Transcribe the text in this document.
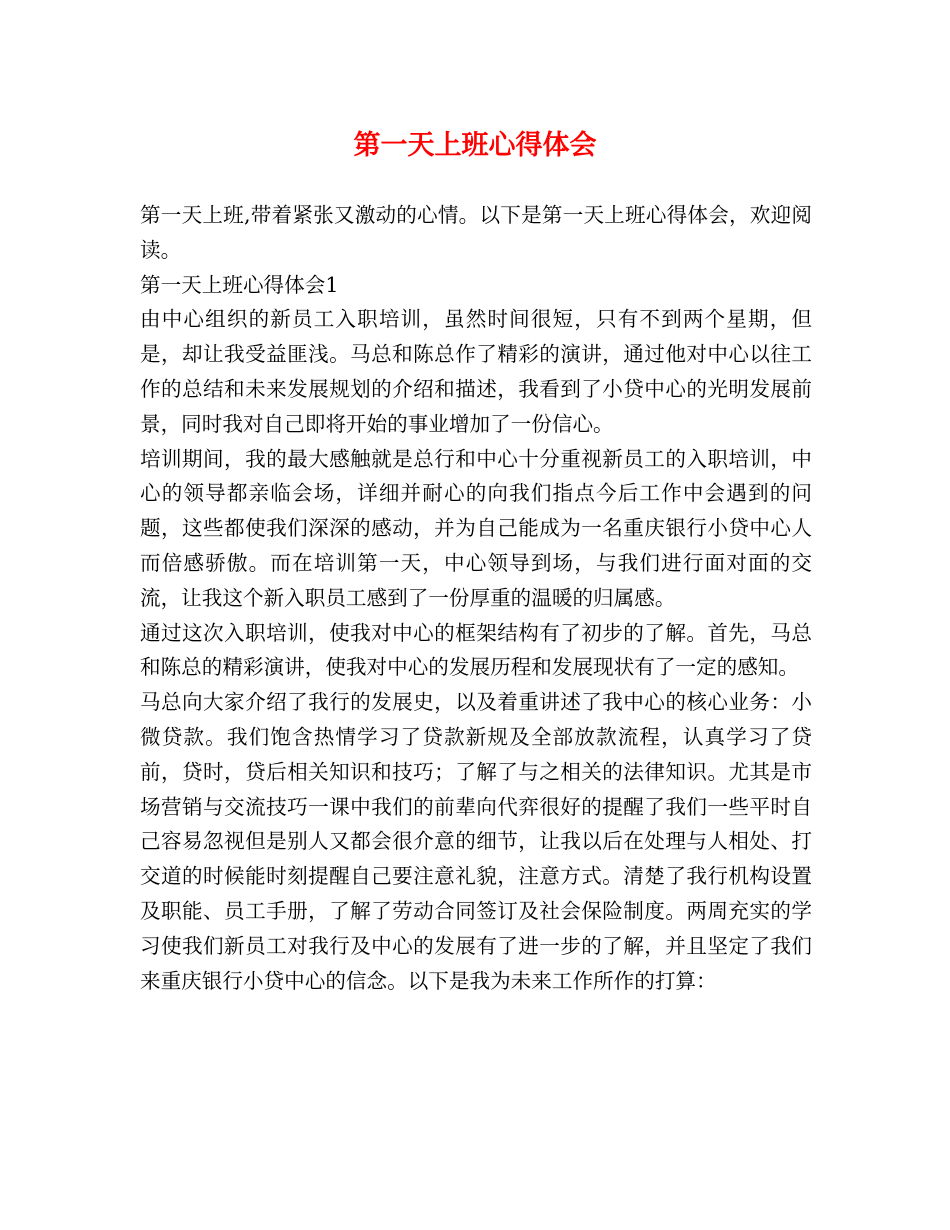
第一天上班心得体会

第一天上班,带着紧张又激动的心情。以下是第一天上班心得体会，欢迎阅读。

第一天上班心得体会1

由中心组织的新员工入职培训，虽然时间很短，只有不到两个星期，但是，却让我受益匪浅。马总和陈总作了精彩的演讲，通过他对中心以往工作的总结和未来发展规划的介绍和描述，我看到了小贷中心的光明发展前景，同时我对自己即将开始的事业增加了一份信心。

培训期间，我的最大感触就是总行和中心十分重视新员工的入职培训，中心的领导都亲临会场，详细并耐心的向我们指点今后工作中会遇到的问题，这些都使我们深深的感动，并为自己能成为一名重庆银行小贷中心人而倍感骄傲。而在培训第一天，中心领导到场，与我们进行面对面的交流，让我这个新入职员工感到了一份厚重的温暖的归属感。

通过这次入职培训，使我对中心的框架结构有了初步的了解。首先，马总和陈总的精彩演讲，使我对中心的发展历程和发展现状有了一定的感知。

马总向大家介绍了我行的发展史，以及着重讲述了我中心的核心业务：小微贷款。我们饱含热情学习了贷款新规及全部放款流程，认真学习了贷前，贷时，贷后相关知识和技巧；了解了与之相关的法律知识。尤其是市场营销与交流技巧一课中我们的前辈向代弈很好的提醒了我们一些平时自己容易忽视但是别人又都会很介意的细节，让我以后在处理与人相处、打交道的时候能时刻提醒自己要注意礼貌，注意方式。清楚了我行机构设置及职能、员工手册，了解了劳动合同签订及社会保险制度。两周充实的学习使我们新员工对我行及中心的发展有了进一步的了解，并且坚定了我们来重庆银行小贷中心的信念。以下是我为未来工作所作的打算：
